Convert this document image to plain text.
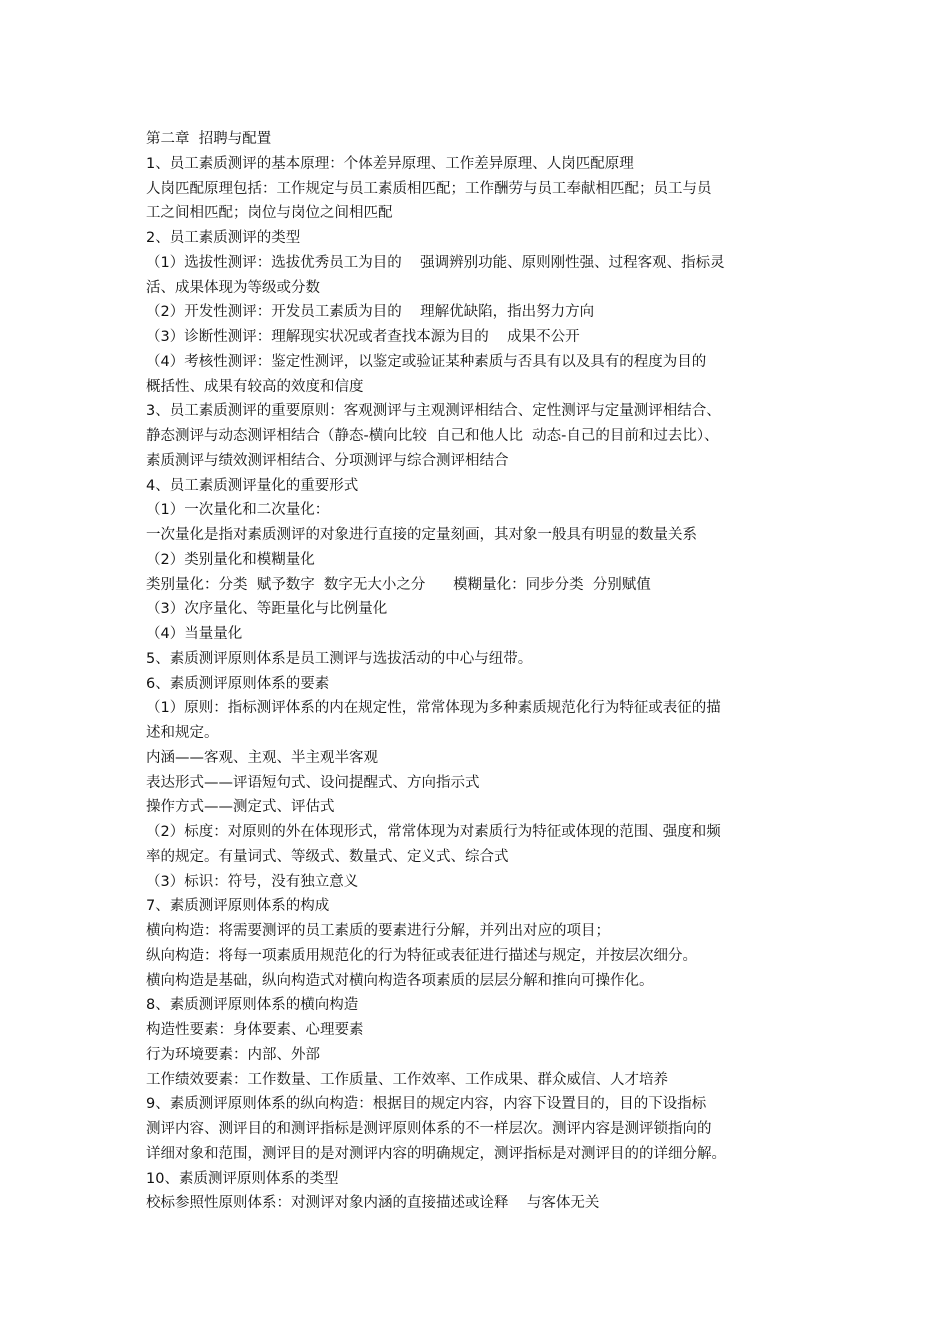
第二章  招聘与配置

1、员工素质测评的基本原理：个体差异原理、工作差异原理、人岗匹配原理

人岗匹配原理包括：工作规定与员工素质相匹配；工作酬劳与员工奉献相匹配；员工与员

工之间相匹配；岗位与岗位之间相匹配

2、员工素质测评的类型

（1）选拔性测评：选拔优秀员工为目的    强调辨别功能、原则刚性强、过程客观、指标灵

活、成果体现为等级或分数

（2）开发性测评：开发员工素质为目的    理解优缺陷，指出努力方向

（3）诊断性测评：理解现实状况或者查找本源为目的    成果不公开

（4）考核性测评：鉴定性测评，以鉴定或验证某种素质与否具有以及具有的程度为目的

概括性、成果有较高的效度和信度

3、员工素质测评的重要原则：客观测评与主观测评相结合、定性测评与定量测评相结合、

静态测评与动态测评相结合（静态-横向比较  自己和他人比  动态-自己的目前和过去比）、

素质测评与绩效测评相结合、分项测评与综合测评相结合

4、员工素质测评量化的重要形式

（1）一次量化和二次量化：

一次量化是指对素质测评的对象进行直接的定量刻画，其对象一般具有明显的数量关系

（2）类别量化和模糊量化

类别量化：分类  赋予数字  数字无大小之分      模糊量化：同步分类  分别赋值

（3）次序量化、等距量化与比例量化

（4）当量量化

5、素质测评原则体系是员工测评与选拔活动的中心与纽带。

6、素质测评原则体系的要素

（1）原则：指标测评体系的内在规定性，常常体现为多种素质规范化行为特征或表征的描

述和规定。

内涵——客观、主观、半主观半客观

表达形式——评语短句式、设问提醒式、方向指示式

操作方式——测定式、评估式

（2）标度：对原则的外在体现形式，常常体现为对素质行为特征或体现的范围、强度和频

率的规定。有量词式、等级式、数量式、定义式、综合式

（3）标识：符号，没有独立意义

7、素质测评原则体系的构成

横向构造：将需要测评的员工素质的要素进行分解，并列出对应的项目；

纵向构造：将每一项素质用规范化的行为特征或表征进行描述与规定，并按层次细分。

横向构造是基础，纵向构造式对横向构造各项素质的层层分解和推向可操作化。

8、素质测评原则体系的横向构造

构造性要素：身体要素、心理要素

行为环境要素：内部、外部

工作绩效要素：工作数量、工作质量、工作效率、工作成果、群众威信、人才培养

9、素质测评原则体系的纵向构造：根据目的规定内容，内容下设置目的，目的下设指标

测评内容、测评目的和测评指标是测评原则体系的不一样层次。测评内容是测评锁指向的

详细对象和范围，测评目的是对测评内容的明确规定，测评指标是对测评目的的详细分解。

10、素质测评原则体系的类型

校标参照性原则体系：对测评对象内涵的直接描述或诠释    与客体无关
